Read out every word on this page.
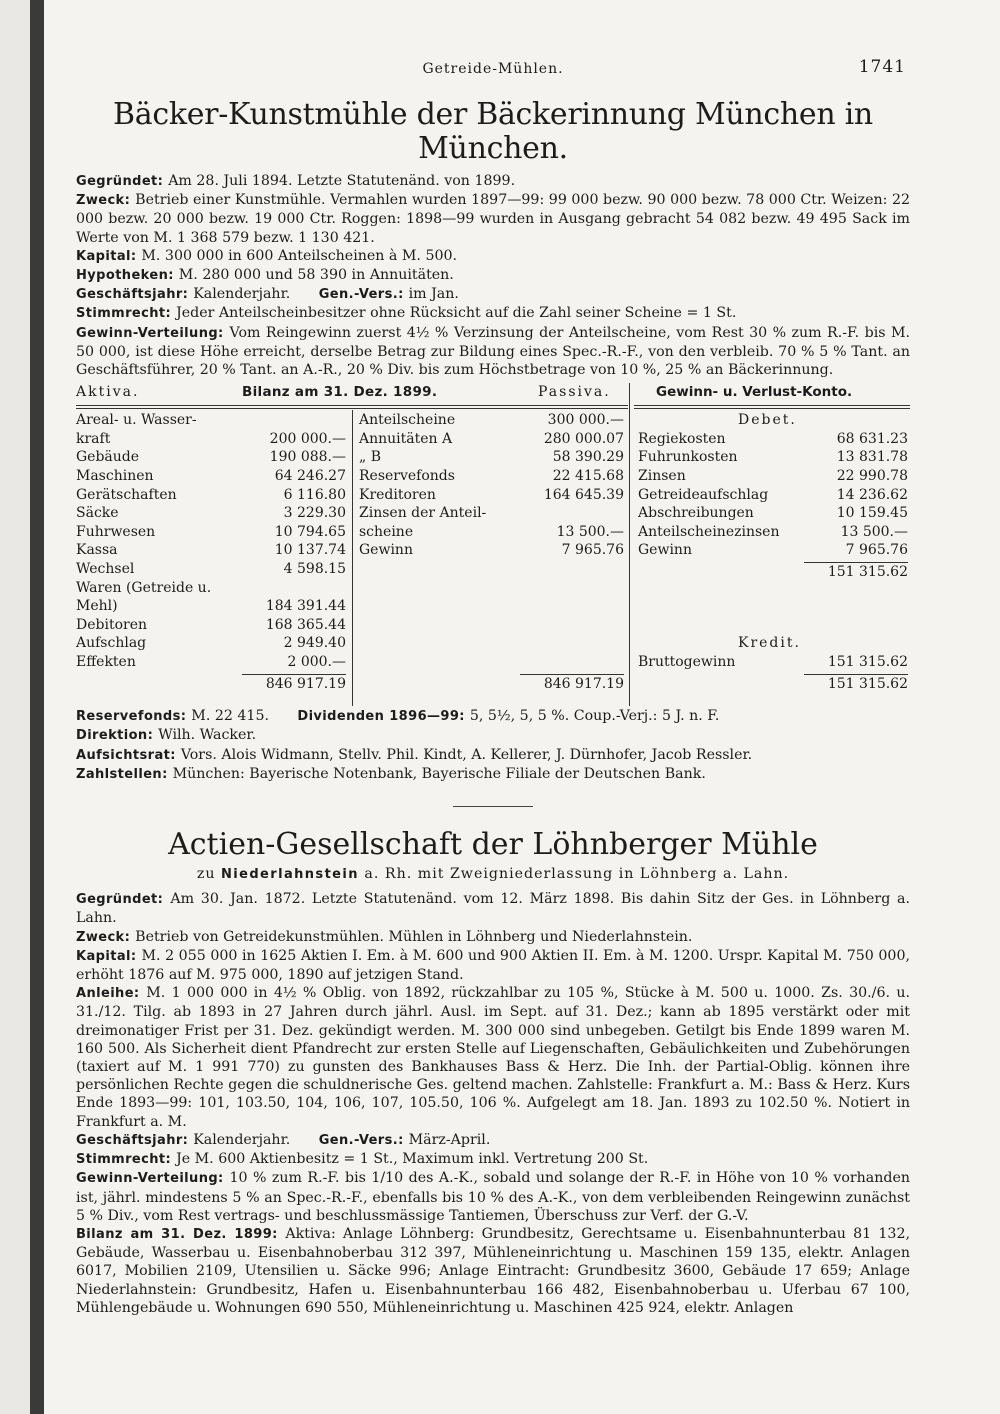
Getreide-Mühlen.	1741
Bäcker-Kunstmühle der Bäckerinnung München in München.

Gegründet: Am 28. Juli 1894. Letzte Statutenänd. von 1899.

Zweck: Betrieb einer Kunstmühle. Vermahlen wurden 1897—99: 99 000 bezw. 90 000 bezw. 78 000 Ctr. Weizen: 22 000 bezw. 20 000 bezw. 19 000 Ctr. Roggen: 1898—99 wurden in Ausgang gebracht 54 082 bezw. 49 495 Sack im Werte von M. 1 368 579 bezw. 1 130 421.

Kapital: M. 300 000 in 600 Anteilscheinen à M. 500.

Hypotheken: M. 280 000 und 58 390 in Annuitäten.

Geschäftsjahr: Kalenderjahr.   Gen.-Vers.: im Jan.

Stimmrecht: Jeder Anteilscheinbesitzer ohne Rücksicht auf die Zahl seiner Scheine = 1 St.

Gewinn-Verteilung: Vom Reingewinn zuerst 4½ % Verzinsung der Anteilscheine, vom Rest 30 % zum R.-F. bis M. 50 000, ist diese Höhe erreicht, derselbe Betrag zur Bildung eines Spec.-R.-F., von den verbleib. 70 % 5 % Tant. an Geschäftsführer, 20 % Tant. an A.-R., 20 % Div. bis zum Höchstbetrage von 10 %, 25 % an Bäckerinnung.

Aktiva.	Bilanz am 31. Dez. 1899.	Passiva.	Gewinn- u. Verlust-Konto.
Areal- u. Wasser-
kraft	200 000.—
Gebäude	190 088.—
Maschinen	64 246.27
Gerätschaften	6 116.80
Säcke	3 229.30
Fuhrwesen	10 794.65
Kassa	10 137.74
Wechsel	4 598.15
Waren (Getreide u.
Mehl)	184 391.44
Debitoren	168 365.44
Aufschlag	2 949.40
Effekten	2 000.—
846 917.19
Anteilscheine	300 000.—
Annuitäten A	280 000.07
„ B	58 390.29
Reservefonds	22 415.68
Kreditoren	164 645.39
Zinsen der Anteil-
scheine	13 500.—
Gewinn	7 965.76
846 917.19
Debet.
Regiekosten	68 631.23
Fuhrunkosten	13 831.78
Zinsen	22 990.78
Getreideaufschlag	14 236.62
Abschreibungen	10 159.45
Anteilscheinezinsen	13 500.—
Gewinn	7 965.76
151 315.62
Kredit.
Bruttogewinn	151 315.62
151 315.62

Reservefonds: M. 22 415.   Dividenden 1896—99: 5, 5½, 5, 5 %. Coup.-Verj.: 5 J. n. F.

Direktion: Wilh. Wacker.

Aufsichtsrat: Vors. Alois Widmann, Stellv. Phil. Kindt, A. Kellerer, J. Dürnhofer, Jacob Ressler.

Zahlstellen: München: Bayerische Notenbank, Bayerische Filiale der Deutschen Bank.

Actien-Gesellschaft der Löhnberger Mühle
zu Niederlahnstein a. Rh. mit Zweigniederlassung in Löhnberg a. Lahn.

Gegründet: Am 30. Jan. 1872. Letzte Statutenänd. vom 12. März 1898. Bis dahin Sitz der Ges. in Löhnberg a. Lahn.

Zweck: Betrieb von Getreidekunstmühlen. Mühlen in Löhnberg und Niederlahnstein.

Kapital: M. 2 055 000 in 1625 Aktien I. Em. à M. 600 und 900 Aktien II. Em. à M. 1200. Urspr. Kapital M. 750 000, erhöht 1876 auf M. 975 000, 1890 auf jetzigen Stand.

Anleihe: M. 1 000 000 in 4½ % Oblig. von 1892, rückzahlbar zu 105 %, Stücke à M. 500 u. 1000. Zs. 30./6. u. 31./12. Tilg. ab 1893 in 27 Jahren durch jährl. Ausl. im Sept. auf 31. Dez.; kann ab 1895 verstärkt oder mit dreimonatiger Frist per 31. Dez. gekündigt werden. M. 300 000 sind unbegeben. Getilgt bis Ende 1899 waren M. 160 500. Als Sicherheit dient Pfandrecht zur ersten Stelle auf Liegenschaften, Gebäulichkeiten und Zubehörungen (taxiert auf M. 1 991 770) zu gunsten des Bankhauses Bass & Herz. Die Inh. der Partial-Oblig. können ihre persönlichen Rechte gegen die schuldnerische Ges. geltend machen. Zahlstelle: Frankfurt a. M.: Bass & Herz. Kurs Ende 1893—99: 101, 103.50, 104, 106, 107, 105.50, 106 %. Aufgelegt am 18. Jan. 1893 zu 102.50 %. Notiert in Frankfurt a. M.

Geschäftsjahr: Kalenderjahr.   Gen.-Vers.: März-April.

Stimmrecht: Je M. 600 Aktienbesitz = 1 St., Maximum inkl. Vertretung 200 St.

Gewinn-Verteilung: 10 % zum R.-F. bis 1/10 des A.-K., sobald und solange der R.-F. in Höhe von 10 % vorhanden ist, jährl. mindestens 5 % an Spec.-R.-F., ebenfalls bis 10 % des A.-K., von dem verbleibenden Reingewinn zunächst 5 % Div., vom Rest vertrags- und beschlussmässige Tantiemen, Überschuss zur Verf. der G.-V.

Bilanz am 31. Dez. 1899: Aktiva: Anlage Löhnberg: Grundbesitz, Gerechtsame u. Eisenbahnunterbau 81 132, Gebäude, Wasserbau u. Eisenbahnoberbau 312 397, Mühleneinrichtung u. Maschinen 159 135, elektr. Anlagen 6017, Mobilien 2109, Utensilien u. Säcke 996; Anlage Eintracht: Grundbesitz 3600, Gebäude 17 659; Anlage Niederlahnstein: Grundbesitz, Hafen u. Eisenbahnunterbau 166 482, Eisenbahnoberbau u. Uferbau 67 100, Mühlengebäude u. Wohnungen 690 550, Mühleneinrichtung u. Maschinen 425 924, elektr. Anlagen
